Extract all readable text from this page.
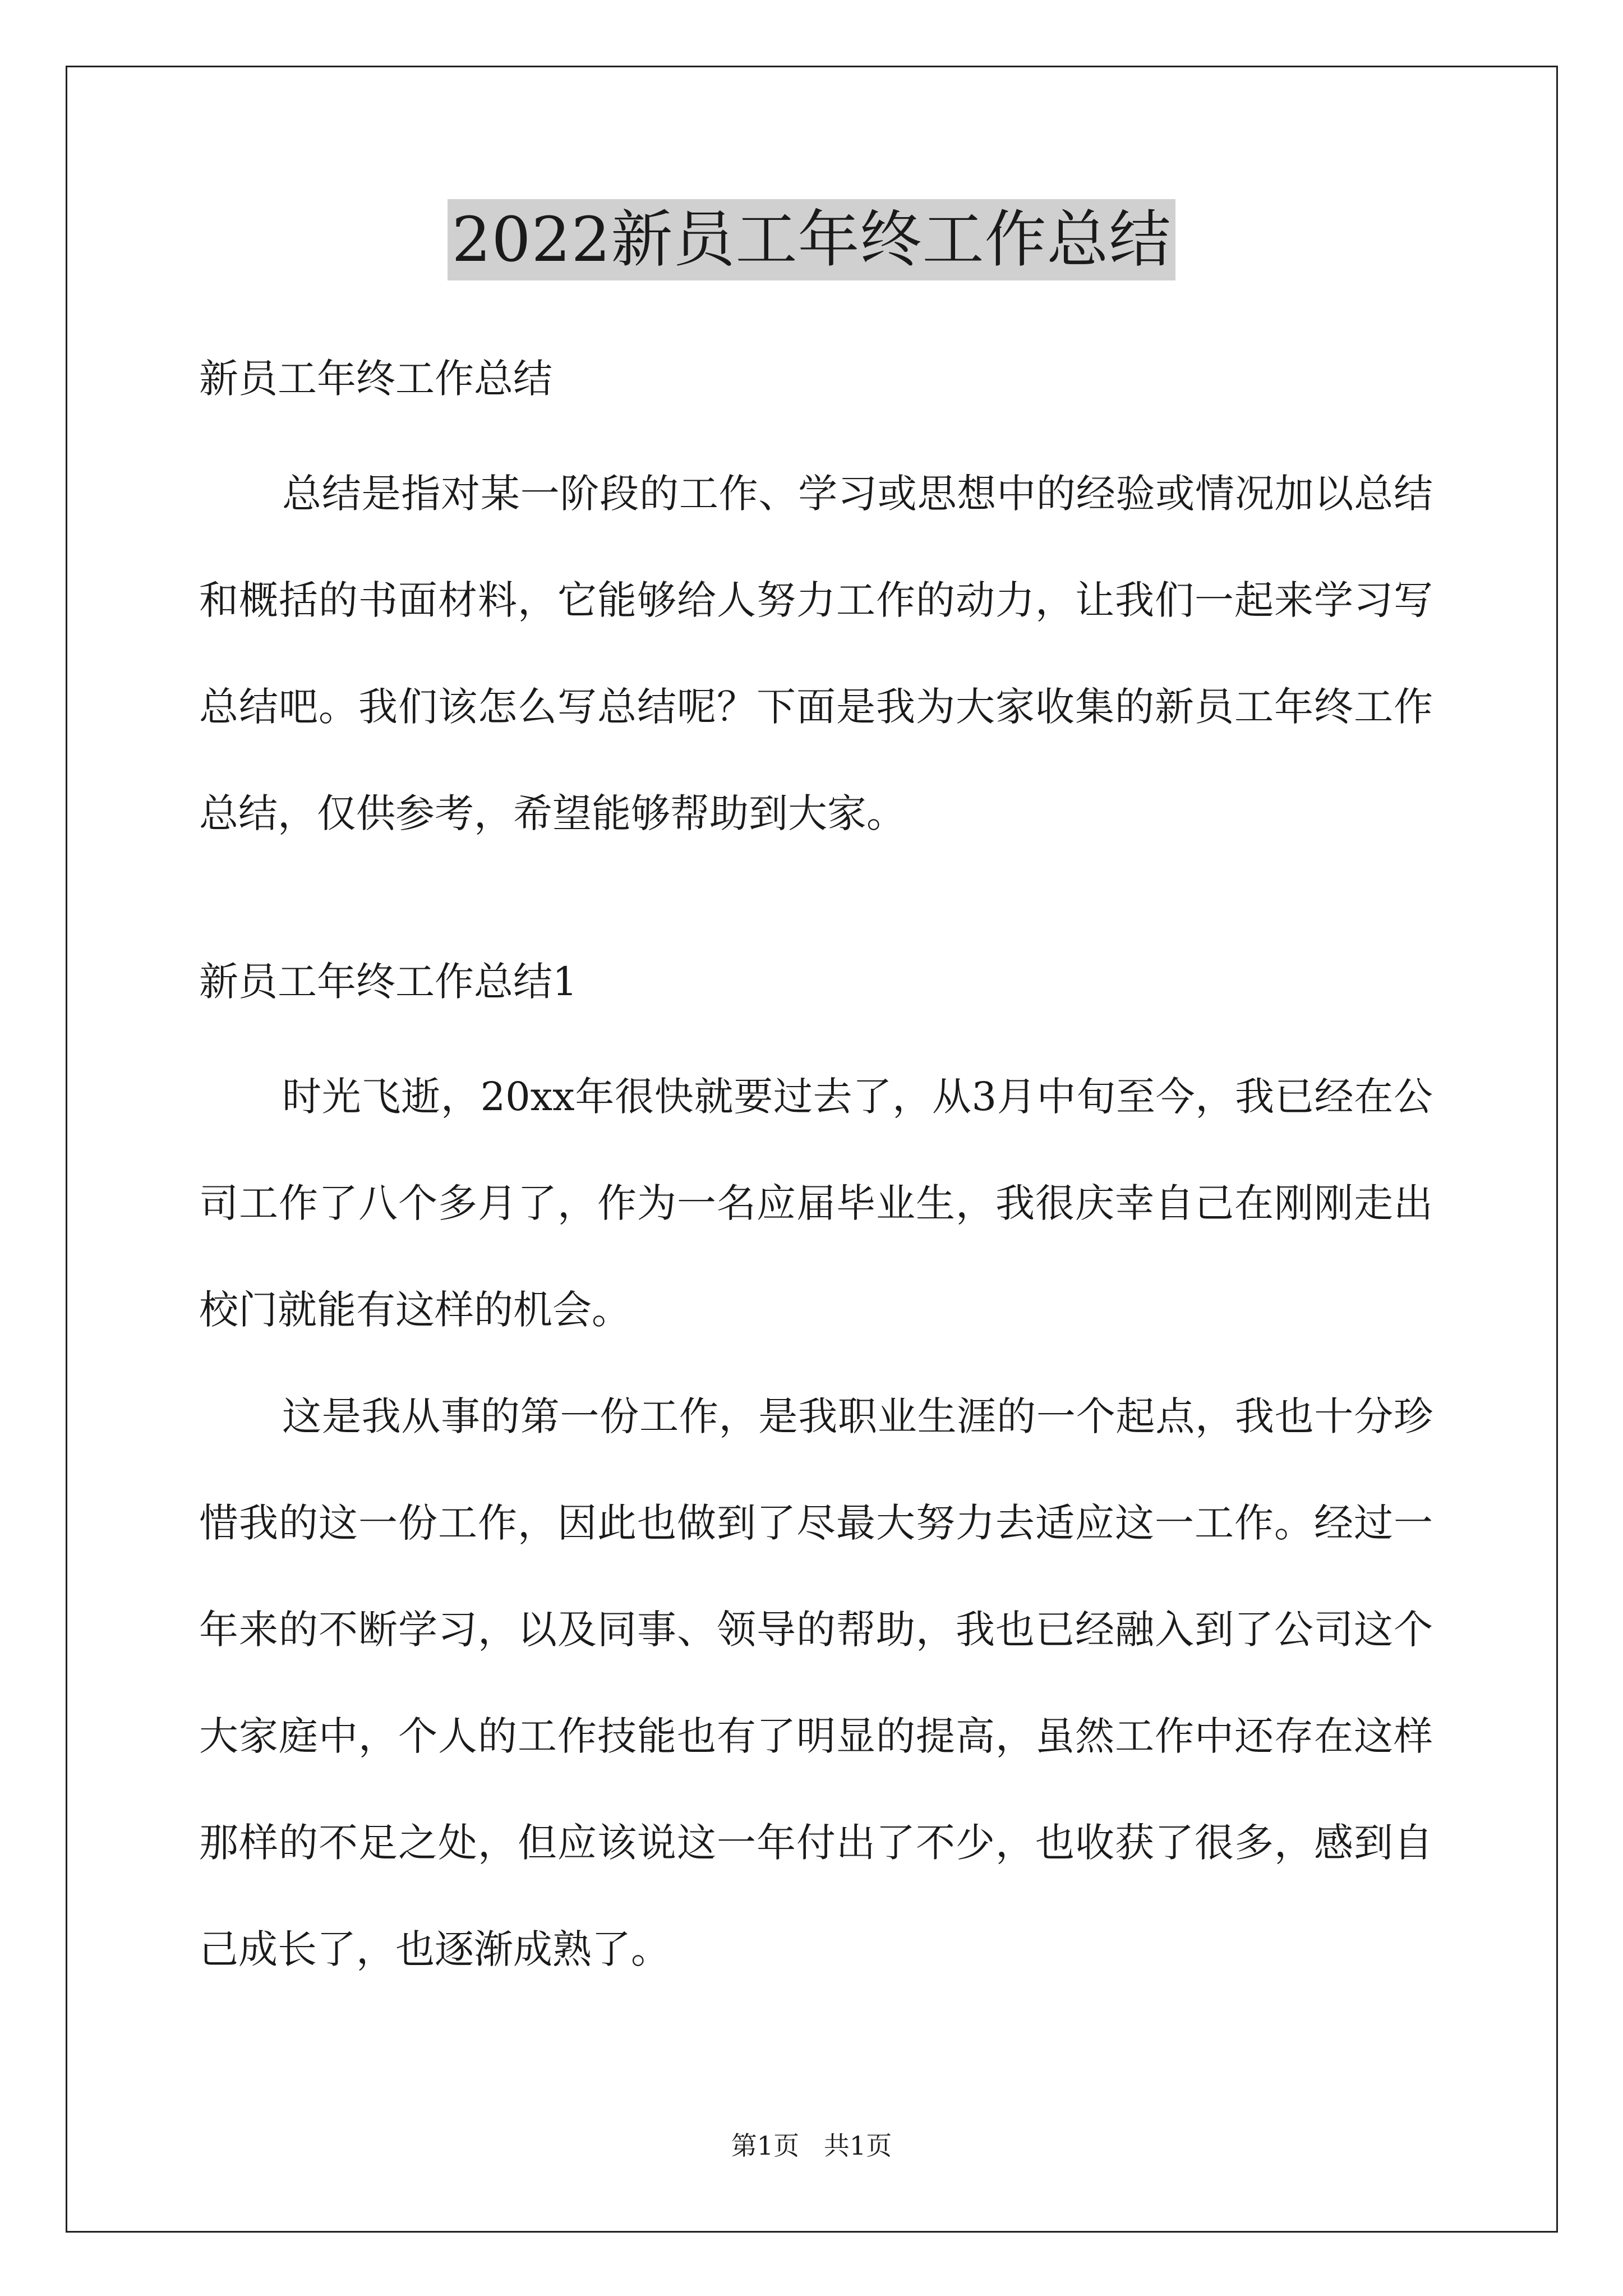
2022新员工年终工作总结

新员工年终工作总结

总结是指对某一阶段的工作、学习或思想中的经验或情况加以总结和概括的书面材料，它能够给人努力工作的动力，让我们一起来学习写总结吧。我们该怎么写总结呢？下面是我为大家收集的新员工年终工作总结，仅供参考，希望能够帮助到大家。

新员工年终工作总结1

时光飞逝，20xx年很快就要过去了，从3月中旬至今，我已经在公司工作了八个多月了，作为一名应届毕业生，我很庆幸自己在刚刚走出校门就能有这样的机会。

这是我从事的第一份工作，是我职业生涯的一个起点，我也十分珍惜我的这一份工作，因此也做到了尽最大努力去适应这一工作。经过一年来的不断学习，以及同事、领导的帮助，我也已经融入到了公司这个大家庭中，个人的工作技能也有了明显的提高，虽然工作中还存在这样那样的不足之处，但应该说这一年付出了不少，也收获了很多，感到自己成长了，也逐渐成熟了。

第1页   共1页
